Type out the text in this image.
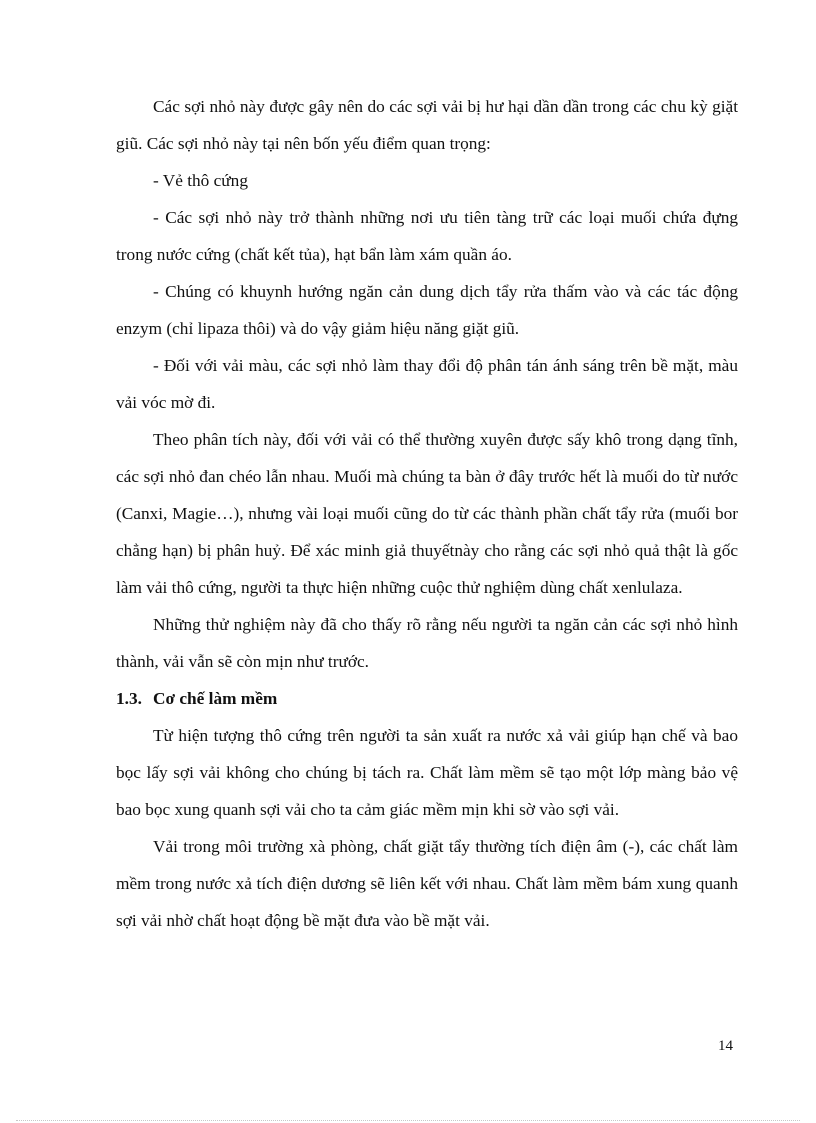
Các sợi nhỏ này được gây nên do các sợi vải bị hư hại dần dần trong các chu kỳ giặt giũ. Các sợi nhỏ này tại nên bốn yếu điểm quan trọng:

- Vẻ thô cứng

- Các sợi nhỏ này trở thành những nơi ưu tiên tàng trữ các loại muối chứa đựng trong nước cứng (chất kết tủa), hạt bẩn làm xám quần áo.

- Chúng có khuynh hướng ngăn cản dung dịch tẩy rửa thấm vào và các tác động enzym (chỉ lipaza thôi) và do vậy giảm hiệu năng giặt giũ.

- Đối với vải màu, các sợi nhỏ làm thay đổi độ phân tán ánh sáng trên bề mặt, màu vải vóc mờ đi.

Theo phân tích này, đối với vải có thể thường xuyên được sấy khô trong dạng tĩnh, các sợi nhỏ đan chéo lẫn nhau. Muối mà chúng ta bàn ở đây trước hết là muối do từ nước (Canxi, Magie…), nhưng vài loại muối cũng do từ các thành phần chất tẩy rửa (muối bor chẳng hạn) bị phân huỷ. Để xác minh giả thuyếtnày cho rằng các sợi nhỏ quả thật là gốc làm vải thô cứng, người ta thực hiện những cuộc thử nghiệm dùng chất xenlulaza.

Những thử nghiệm này đã cho thấy rõ rằng nếu người ta ngăn cản các sợi nhỏ hình thành, vải vẫn sẽ còn mịn như trước.

1.3. Cơ chế làm mềm

Từ hiện tượng thô cứng trên người ta sản xuất ra nước xả vải giúp hạn chế và bao bọc lấy sợi vải không cho chúng bị tách ra. Chất làm mềm sẽ tạo một lớp màng bảo vệ bao bọc xung quanh sợi vải cho ta cảm giác mềm mịn khi sờ vào sợi vải.

Vải trong môi trường xà phòng, chất giặt tẩy thường tích điện âm (-), các chất làm mềm trong nước xả tích điện dương sẽ liên kết với nhau. Chất làm mềm bám xung quanh sợi vải nhờ chất hoạt động bề mặt đưa vào bề mặt vải.

14
